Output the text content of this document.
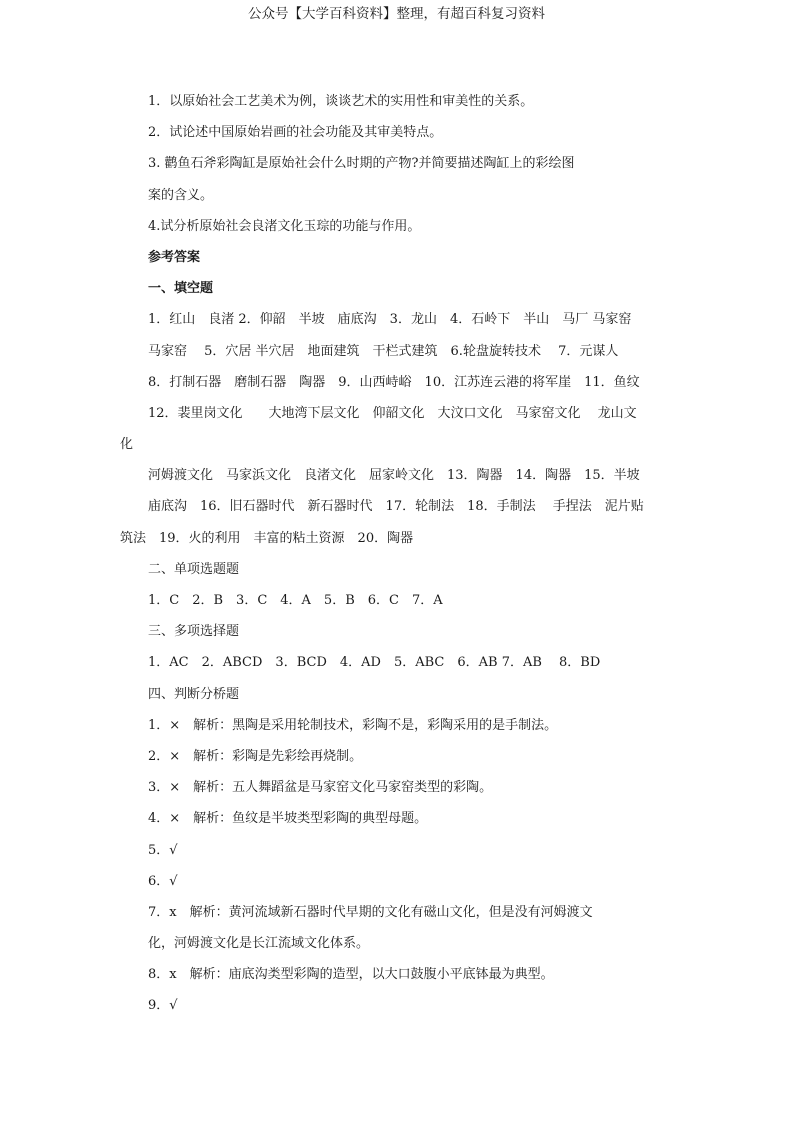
公众号【大学百科资料】整理，有超百科复习资料
1．以原始社会工艺美术为例，谈谈艺术的实用性和审美性的关系。
2．试论述中国原始岩画的社会功能及其审美特点。
3. 鹳鱼石斧彩陶缸是原始社会什么时期的产物?并简要描述陶缸上的彩绘图
案的含义。
4.试分析原始社会良渚文化玉琮的功能与作用。
参考答案
一、填空题
1．红山　良渚 2．仰韶　半坡　庙底沟　3．龙山　4．石岭下　半山　马厂 马家窑
马家窑　 5．穴居 半穴居　地面建筑　干栏式建筑　6.轮盘旋转技术　 7．元谋人
8．打制石器　磨制石器　陶器　9．山西峙峪　10．江苏连云港的将军崖　11．鱼纹
12．裴里岗文化　　大地湾下层文化　仰韶文化　大汶口文化　马家窑文化　 龙山文
化
河姆渡文化　马家浜文化　良渚文化　屈家岭文化　13．陶器　14．陶器　15．半坡
庙底沟　16．旧石器时代　新石器时代　17．轮制法　18．手制法　 手捏法　泥片贴
筑法　19．火的利用　丰富的粘土资源　20．陶器
二、单项选题题
1．C　2．B　3．C　4．A　5．B　6．C　7．A
三、多项选择题
1．AC　2．ABCD　3．BCD　4．AD　5．ABC　6．AB 7．AB　 8．BD
四、判断分桥题
1．×　解析：黑陶是采用轮制技术，彩陶不是，彩陶采用的是手制法。
2．×　解析：彩陶是先彩绘再烧制。
3．×　解析：五人舞蹈盆是马家窑文化马家窑类型的彩陶。
4．×　解析：鱼纹是半坡类型彩陶的典型母题。
5．√
6．√
7．x　解析：黄河流域新石器时代早期的文化有磁山文化，但是没有河姆渡文
化，河姆渡文化是长江流域文化体系。
8．x　解析：庙底沟类型彩陶的造型，以大口鼓腹小平底钵最为典型。
9．√
